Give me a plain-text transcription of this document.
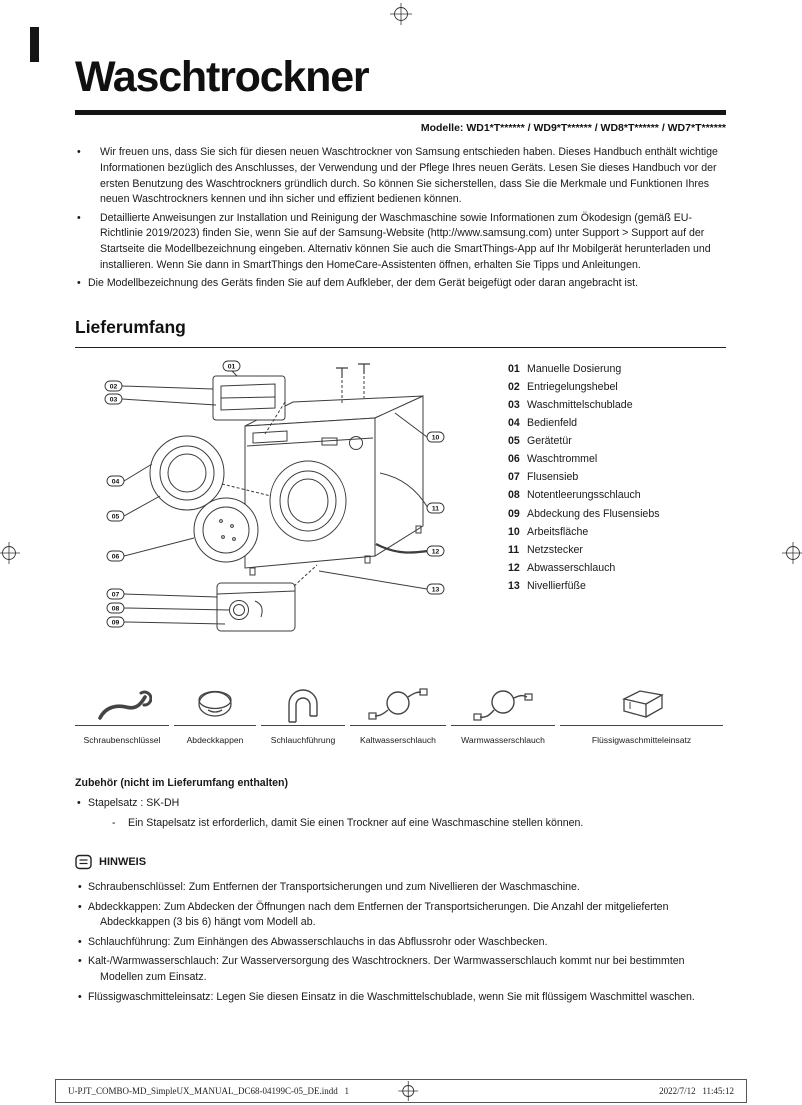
Waschtrockner
Modelle: WD1*T****** / WD9*T****** / WD8*T****** / WD7*T******
• Wir freuen uns, dass Sie sich für diesen neuen Waschtrockner von Samsung entschieden haben. Dieses Handbuch enthält wichtige Informationen bezüglich des Anschlusses, der Verwendung und der Pflege Ihres neuen Geräts. Lesen Sie dieses Handbuch vor der ersten Benutzung des Waschtrockners gründlich durch. So können Sie sicherstellen, dass Sie die Merkmale und Funktionen Ihres neuen Waschtrockners kennen und ihn sicher und effizient bedienen können.
• Detaillierte Anweisungen zur Installation und Reinigung der Waschmaschine sowie Informationen zum Ökodesign (gemäß EU-Richtlinie 2019/2023) finden Sie, wenn Sie auf der Samsung-Website (http://www.samsung.com) unter Support > Support auf der Startseite die Modellbezeichnung eingeben. Alternativ können Sie auch die SmartThings-App auf Ihr Mobilgerät herunterladen und installieren. Wenn Sie dann in SmartThings den HomeCare-Assistenten öffnen, erhalten Sie Tipps und Anleitungen.
• Die Modellbezeichnung des Geräts finden Sie auf dem Aufkleber, der dem Gerät beigefügt oder daran angebracht ist.
Lieferumfang
01
02
03
04
05
06
07
08
09
10
11
12
13
01 Manuelle Dosierung
02 Entriegelungshebel
03 Waschmittelschublade
04 Bedienfeld
05 Gerätetür
06 Waschtrommel
07 Flusensieb
08 Notentleerungsschlauch
09 Abdeckung des Flusensiebs
10 Arbeitsfläche
11 Netzstecker
12 Abwasserschlauch
13 Nivellierfüße
Schraubenschlüssel	Abdeckkappen	Schlauchführung	Kaltwasserschlauch	Warmwasserschlauch	Flüssigwaschmitteleinsatz
Zubehör (nicht im Lieferumfang enthalten)
• Stapelsatz : SK-DH
- Ein Stapelsatz ist erforderlich, damit Sie einen Trockner auf eine Waschmaschine stellen können.
HINWEIS
• Schraubenschlüssel: Zum Entfernen der Transportsicherungen und zum Nivellieren der Waschmaschine.
• Abdeckkappen: Zum Abdecken der Öffnungen nach dem Entfernen der Transportsicherungen. Die Anzahl der mitgelieferten Abdeckkappen (3 bis 6) hängt vom Modell ab.
• Schlauchführung: Zum Einhängen des Abwasserschlauchs in das Abflussrohr oder Waschbecken.
• Kalt-/Warmwasserschlauch: Zur Wasserversorgung des Waschtrockners. Der Warmwasserschlauch kommt nur bei bestimmten Modellen zum Einsatz.
• Flüssigwaschmitteleinsatz: Legen Sie diesen Einsatz in die Waschmittelschublade, wenn Sie mit flüssigem Waschmittel waschen.
U-PJT_COMBO-MD_SimpleUX_MANUAL_DC68-04199C-05_DE.indd   1

	2022/7/12   11:45:12
